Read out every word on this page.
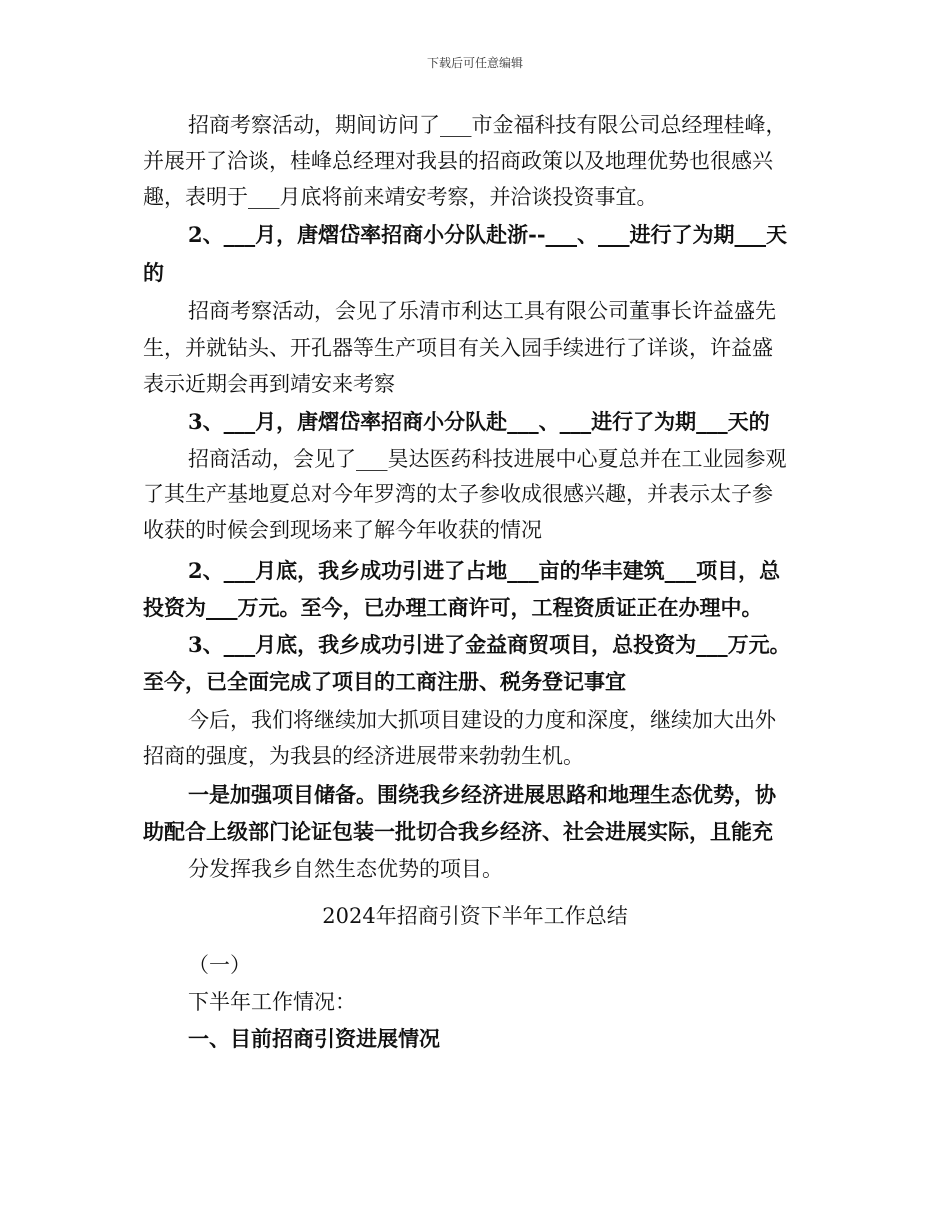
下载后可任意编辑
招商考察活动，期间访问了___市金福科技有限公司总经理桂峰，
并展开了洽谈，桂峰总经理对我县的招商政策以及地理优势也很感兴
趣，表明于___月底将前来靖安考察，并洽谈投资事宜。
2、___月，唐熠岱率招商小分队赴浙--___、___进行了为期___天
的
招商考察活动，会见了乐清市利达工具有限公司董事长许益盛先
生，并就钻头、开孔器等生产项目有关入园手续进行了详谈，许益盛
表示近期会再到靖安来考察
3、___月，唐熠岱率招商小分队赴___、___进行了为期___天的
招商活动，会见了___昊达医药科技进展中心夏总并在工业园参观
了其生产基地夏总对今年罗湾的太子参收成很感兴趣，并表示太子参
收获的时候会到现场来了解今年收获的情况
2、___月底，我乡成功引进了占地___亩的华丰建筑___项目，总
投资为___万元。至今，已办理工商许可，工程资质证正在办理中。
3、___月底，我乡成功引进了金益商贸项目，总投资为___万元。
至今，已全面完成了项目的工商注册、税务登记事宜
今后，我们将继续加大抓项目建设的力度和深度，继续加大出外
招商的强度，为我县的经济进展带来勃勃生机。
一是加强项目储备。围绕我乡经济进展思路和地理生态优势，协
助配合上级部门论证包装一批切合我乡经济、社会进展实际，且能充
分发挥我乡自然生态优势的项目。
2024年招商引资下半年工作总结
（一）
下半年工作情况：
一、目前招商引资进展情况
